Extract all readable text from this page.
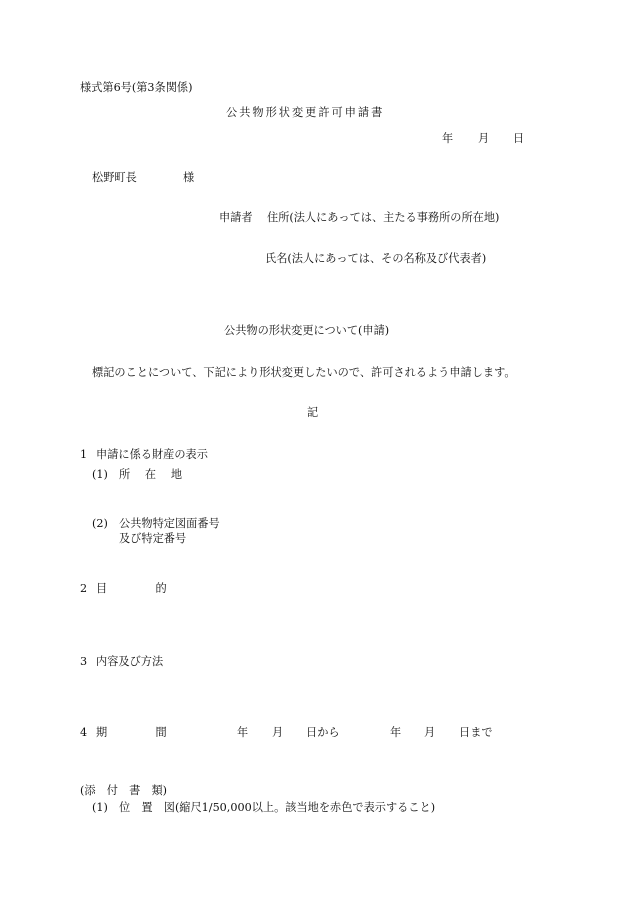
様式第6号(第3条関係)
公共物形状変更許可申請書
年 月 日
松野町長	様
申請者 住所(法人にあっては、主たる事務所の所在地)
氏名(法人にあっては、その名称及び代表者)
公共物の形状変更について(申請)
標記のことについて、下記により形状変更したいので、許可されるよう申請します。
記
1 申請に係る財産の表示
(1) 所　 在　 地
(2) 公共物特定図面番号
及び特定番号
2 目　　　　 的
3 内容及び方法
4 期　　　　 間	年 月 日から	年 月 日まで
(添　付　書　類)
(1) 位　置　図(縮尺1/50,000以上。該当地を赤色で表示すること)
